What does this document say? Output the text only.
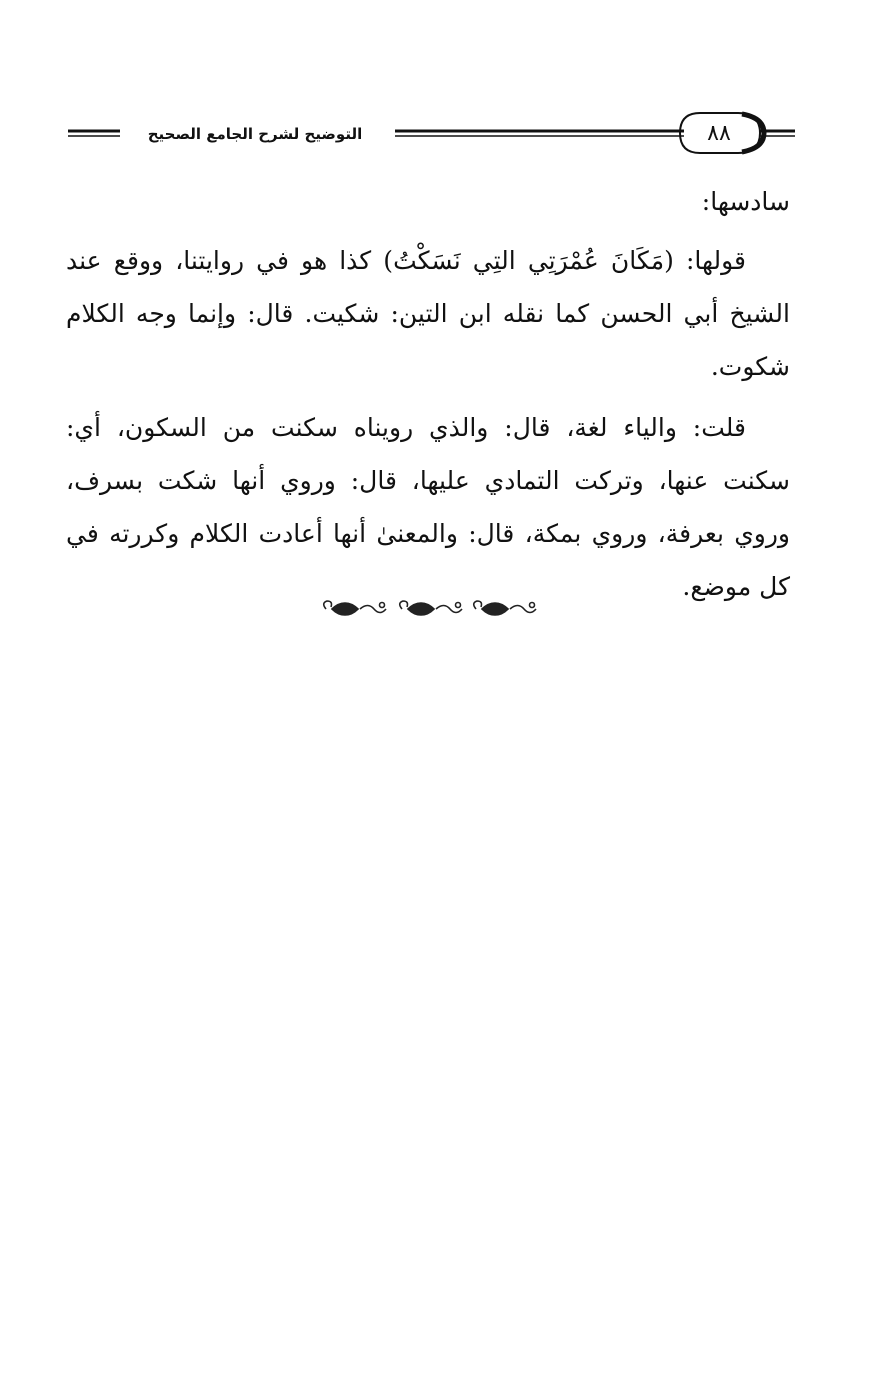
٨٨
التوضيح لشرح الجامع الصحيح

سادسها:

قولها: (مَكَانَ عُمْرَتِي التِي نَسَكْتُ) كذا هو في روايتنا، ووقع عند الشيخ أبي الحسن كما نقله ابن التين: شكيت. قال: وإنما وجه الكلام شكوت.

قلت: والياء لغة، قال: والذي رويناه سكنت من السكون، أي: سكنت عنها، وتركت التمادي عليها، قال: وروي أنها شكت بسرف، وروي بعرفة، وروي بمكة، قال: والمعنىٰ أنها أعادت الكلام وكررته في كل موضع.
